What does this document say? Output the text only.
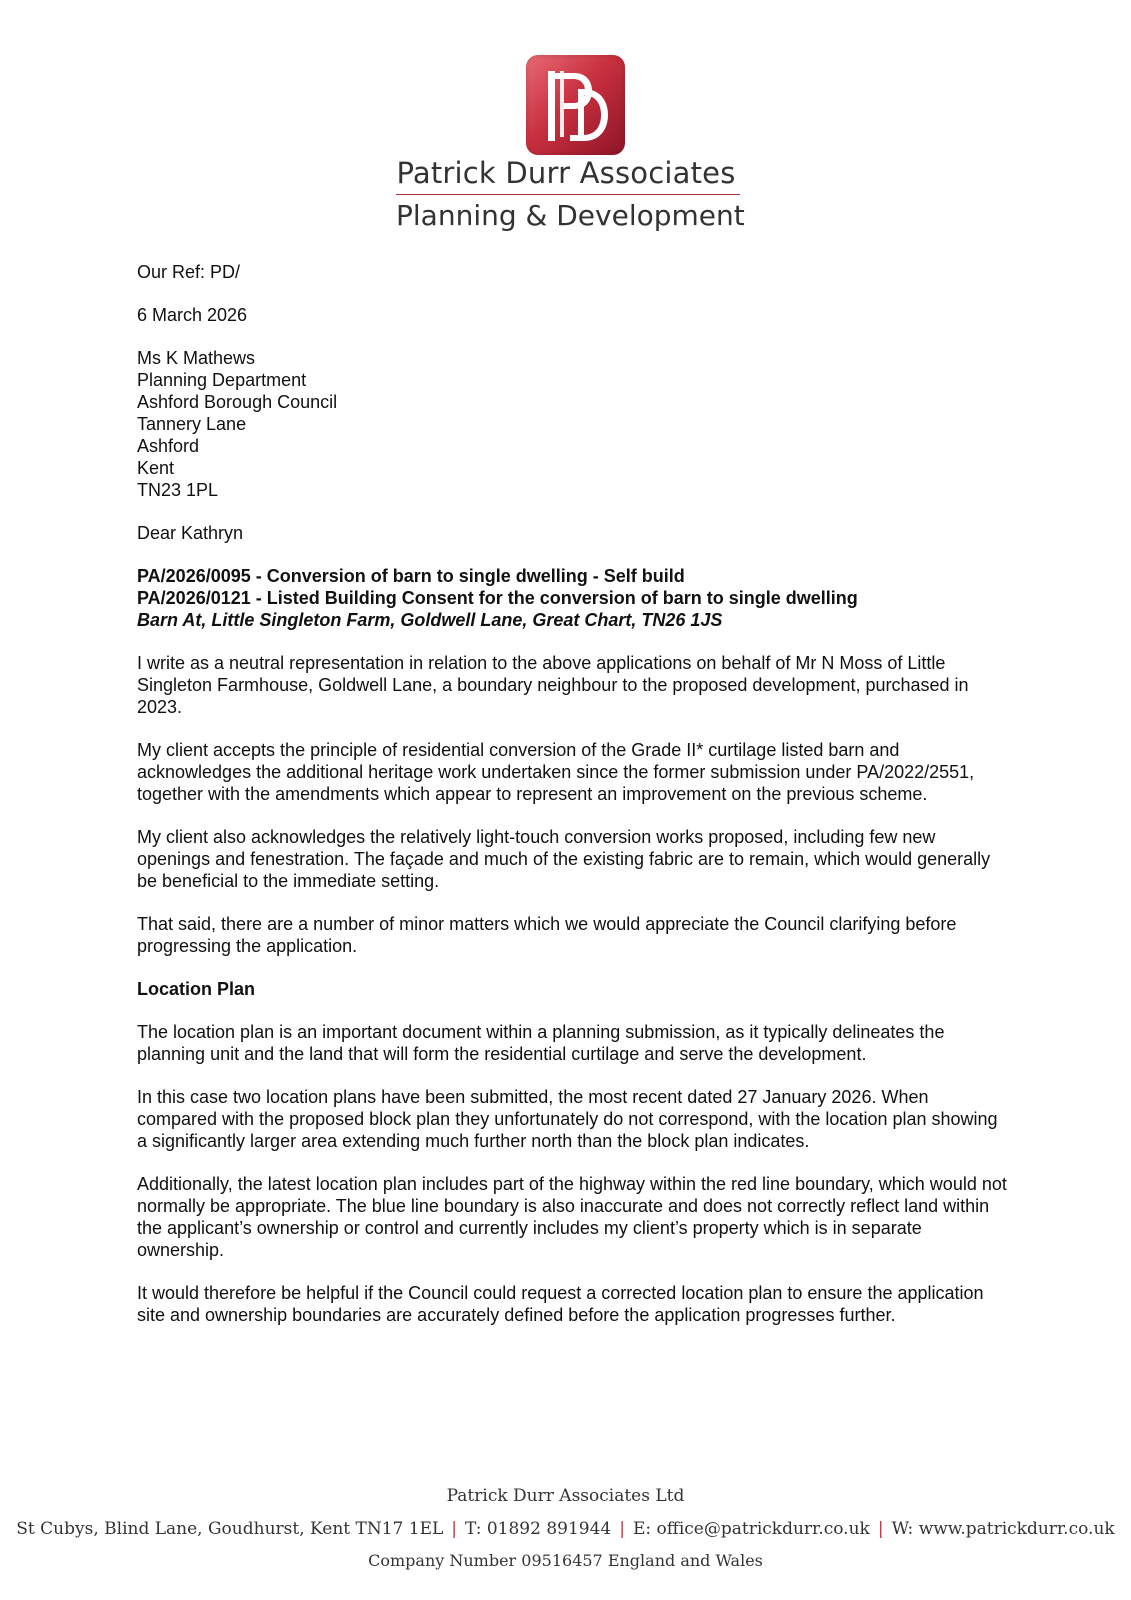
Patrick Durr Associates
Planning & Development

Our Ref: PD/

6 March 2026

Ms K Mathews
Planning Department
Ashford Borough Council
Tannery Lane
Ashford
Kent
TN23 1PL

Dear Kathryn

PA/2026/0095 - Conversion of barn to single dwelling - Self build
PA/2026/0121 - Listed Building Consent for the conversion of barn to single dwelling
Barn At, Little Singleton Farm, Goldwell Lane, Great Chart, TN26 1JS

I write as a neutral representation in relation to the above applications on behalf of Mr N Moss of Little Singleton Farmhouse, Goldwell Lane, a boundary neighbour to the proposed development, purchased in 2023.

My client accepts the principle of residential conversion of the Grade II* curtilage listed barn and acknowledges the additional heritage work undertaken since the former submission under PA/2022/2551, together with the amendments which appear to represent an improvement on the previous scheme.

My client also acknowledges the relatively light-touch conversion works proposed, including few new openings and fenestration. The façade and much of the existing fabric are to remain, which would generally be beneficial to the immediate setting.

That said, there are a number of minor matters which we would appreciate the Council clarifying before progressing the application.

Location Plan

The location plan is an important document within a planning submission, as it typically delineates the planning unit and the land that will form the residential curtilage and serve the development.

In this case two location plans have been submitted, the most recent dated 27 January 2026. When compared with the proposed block plan they unfortunately do not correspond, with the location plan showing a significantly larger area extending much further north than the block plan indicates.

Additionally, the latest location plan includes part of the highway within the red line boundary, which would not normally be appropriate. The blue line boundary is also inaccurate and does not correctly reflect land within the applicant’s ownership or control and currently includes my client’s property which is in separate ownership.

It would therefore be helpful if the Council could request a corrected location plan to ensure the application site and ownership boundaries are accurately defined before the application progresses further.

Patrick Durr Associates Ltd
St Cubys, Blind Lane, Goudhurst, Kent TN17 1EL | T: 01892 891944 | E: office@patrickdurr.co.uk | W: www.patrickdurr.co.uk
Company Number 09516457 England and Wales
